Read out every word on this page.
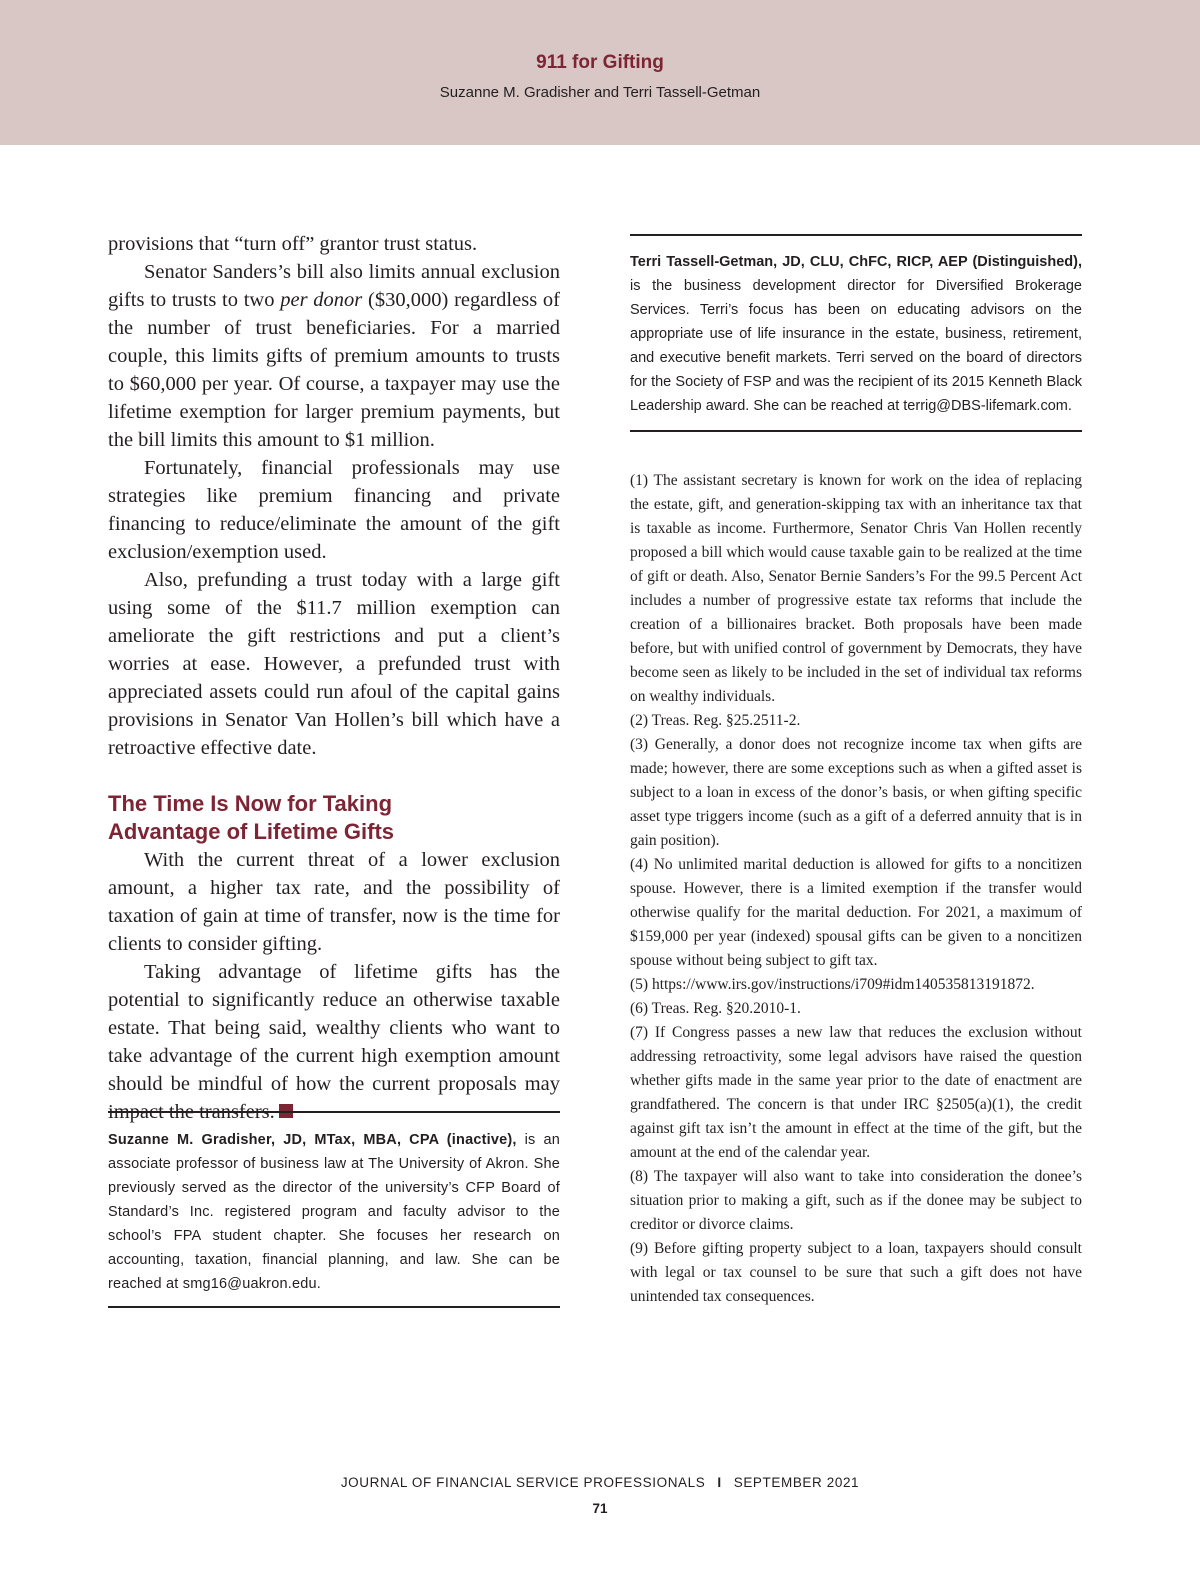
911 for Gifting
Suzanne M. Gradisher and Terri Tassell-Getman

provisions that “turn off” grantor trust status.

Senator Sanders’s bill also limits annual exclusion gifts to trusts to two per donor ($30,000) regardless of the number of trust beneficiaries. For a married couple, this limits gifts of premium amounts to trusts to $60,000 per year. Of course, a taxpayer may use the lifetime exemption for larger premium payments, but the bill limits this amount to $1 million.

Fortunately, financial professionals may use strategies like premium financing and private financing to reduce/eliminate the amount of the gift exclusion/exemption used.

Also, prefunding a trust today with a large gift using some of the $11.7 million exemption can ameliorate the gift restrictions and put a client’s worries at ease. However, a prefunded trust with appreciated assets could run afoul of the capital gains provisions in Senator Van Hollen’s bill which have a retroactive effective date.

The Time Is Now for Taking
Advantage of Lifetime Gifts

With the current threat of a lower exclusion amount, a higher tax rate, and the possibility of taxation of gain at time of transfer, now is the time for clients to consider gifting.

Taking advantage of lifetime gifts has the potential to significantly reduce an otherwise taxable estate. That being said, wealthy clients who want to take advantage of the current high exemption amount should be mindful of how the current proposals may impact the transfers.

Suzanne M. Gradisher, JD, MTax, MBA, CPA (inactive), is an associate professor of business law at The University of Akron. She previously served as the director of the university’s CFP Board of Standard’s Inc. registered program and faculty advisor to the school’s FPA student chapter. She focuses her research on accounting, taxation, financial planning, and law. She can be reached at smg16@uakron.edu.
Terri Tassell-Getman, JD, CLU, ChFC, RICP, AEP (Distinguished), is the business development director for Diversified Brokerage Services. Terri’s focus has been on educating advisors on the appropriate use of life insurance in the estate, business, retirement, and executive benefit markets. Terri served on the board of directors for the Society of FSP and was the recipient of its 2015 Kenneth Black Leadership award. She can be reached at terrig@DBS-lifemark.com.

(1) The assistant secretary is known for work on the idea of replacing the estate, gift, and generation-skipping tax with an inheritance tax that is taxable as income. Furthermore, Senator Chris Van Hollen recently proposed a bill which would cause taxable gain to be realized at the time of gift or death. Also, Senator Bernie Sanders’s For the 99.5 Percent Act includes a number of progressive estate tax reforms that include the creation of a billionaires bracket. Both proposals have been made before, but with unified control of government by Democrats, they have become seen as likely to be included in the set of individual tax reforms on wealthy individuals.

(2) Treas. Reg. §25.2511-2.

(3) Generally, a donor does not recognize income tax when gifts are made; however, there are some exceptions such as when a gifted asset is subject to a loan in excess of the donor’s basis, or when gifting specific asset type triggers income (such as a gift of a deferred annuity that is in gain position).

(4) No unlimited marital deduction is allowed for gifts to a noncitizen spouse. However, there is a limited exemption if the transfer would otherwise qualify for the marital deduction. For 2021, a maximum of $159,000 per year (indexed) spousal gifts can be given to a noncitizen spouse without being subject to gift tax.

(5) https://www.irs.gov/instructions/i709#idm140535813191872.

(6) Treas. Reg. §20.2010-1.

(7) If Congress passes a new law that reduces the exclusion without addressing retroactivity, some legal advisors have raised the question whether gifts made in the same year prior to the date of enactment are grandfathered. The concern is that under IRC §2505(a)(1), the credit against gift tax isn’t the amount in effect at the time of the gift, but the amount at the end of the calendar year.

(8) The taxpayer will also want to take into consideration the donee’s situation prior to making a gift, such as if the donee may be subject to creditor or divorce claims.

(9) Before gifting property subject to a loan, taxpayers should consult with legal or tax counsel to be sure that such a gift does not have unintended tax consequences.

JOURNAL OF FINANCIAL SERVICE PROFESSIONALS I SEPTEMBER 2021
71
